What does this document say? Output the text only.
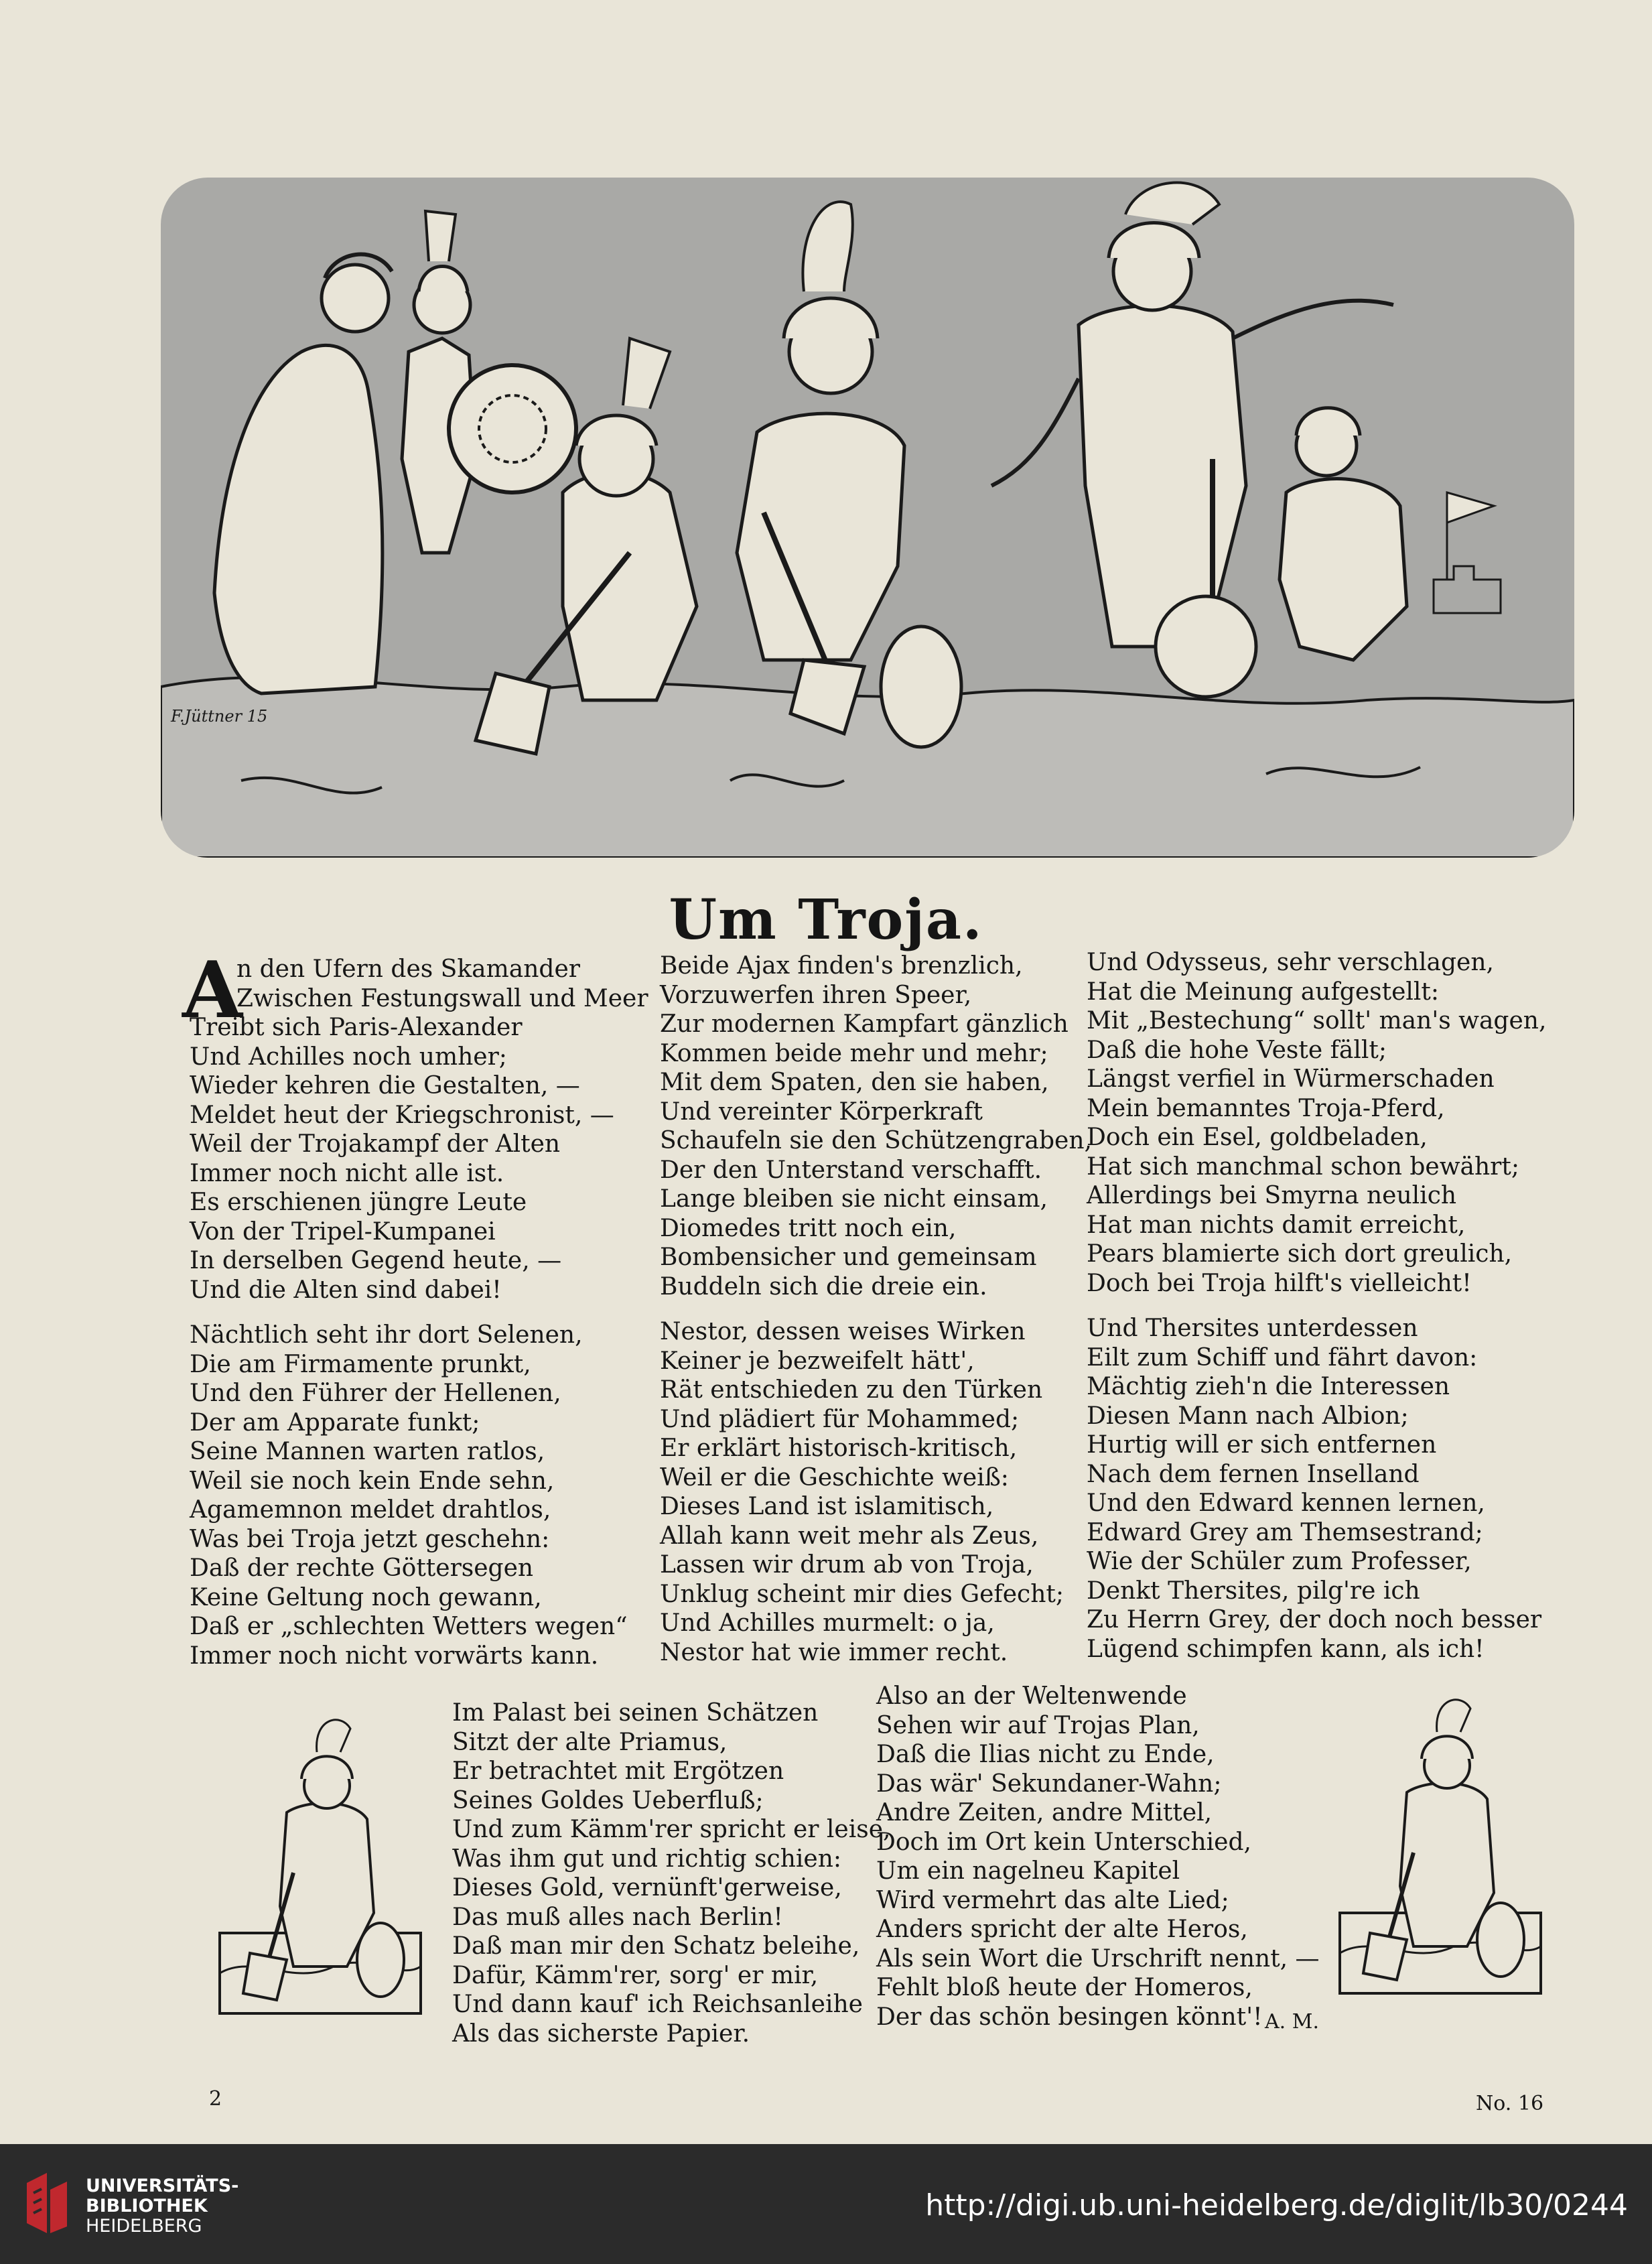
F.Jüttner 15
Um Troja.
A
n den Ufern des Skamander
Zwischen Festungswall und Meer
Treibt sich Paris-Alexander
Und Achilles noch umher;
Wieder kehren die Gestalten, —
Meldet heut der Kriegschronist, —
Weil der Trojakampf der Alten
Immer noch nicht alle ist.
Es erschienen jüngre Leute
Von der Tripel-Kumpanei
In derselben Gegend heute, —
Und die Alten sind dabei!
Nächtlich seht ihr dort Selenen,
Die am Firmamente prunkt,
Und den Führer der Hellenen,
Der am Apparate funkt;
Seine Mannen warten ratlos,
Weil sie noch kein Ende sehn,
Agamemnon meldet drahtlos,
Was bei Troja jetzt geschehn:
Daß der rechte Göttersegen
Keine Geltung noch gewann,
Daß er „schlechten Wetters wegen“
Immer noch nicht vorwärts kann.
Beide Ajax finden's brenzlich,
Vorzuwerfen ihren Speer,
Zur modernen Kampfart gänzlich
Kommen beide mehr und mehr;
Mit dem Spaten, den sie haben,
Und vereinter Körperkraft
Schaufeln sie den Schützengraben,
Der den Unterstand verschafft.
Lange bleiben sie nicht einsam,
Diomedes tritt noch ein,
Bombensicher und gemeinsam
Buddeln sich die dreie ein.
Nestor, dessen weises Wirken
Keiner je bezweifelt hätt',
Rät entschieden zu den Türken
Und plädiert für Mohammed;
Er erklärt historisch-kritisch,
Weil er die Geschichte weiß:
Dieses Land ist islamitisch,
Allah kann weit mehr als Zeus,
Lassen wir drum ab von Troja,
Unklug scheint mir dies Gefecht;
Und Achilles murmelt: o ja,
Nestor hat wie immer recht.
Und Odysseus, sehr verschlagen,
Hat die Meinung aufgestellt:
Mit „Bestechung“ sollt' man's wagen,
Daß die hohe Veste fällt;
Längst verfiel in Würmerschaden
Mein bemanntes Troja-Pferd,
Doch ein Esel, goldbeladen,
Hat sich manchmal schon bewährt;
Allerdings bei Smyrna neulich
Hat man nichts damit erreicht,
Pears blamierte sich dort greulich,
Doch bei Troja hilft's vielleicht!
Und Thersites unterdessen
Eilt zum Schiff und fährt davon:
Mächtig zieh'n die Interessen
Diesen Mann nach Albion;
Hurtig will er sich entfernen
Nach dem fernen Inselland
Und den Edward kennen lernen,
Edward Grey am Themsestrand;
Wie der Schüler zum Professer,
Denkt Thersites, pilg're ich
Zu Herrn Grey, der doch noch besser
Lügend schimpfen kann, als ich!
Im Palast bei seinen Schätzen
Sitzt der alte Priamus,
Er betrachtet mit Ergötzen
Seines Goldes Ueberfluß;
Und zum Kämm'rer spricht er leise,
Was ihm gut und richtig schien:
Dieses Gold, vernünft'gerweise,
Das muß alles nach Berlin!
Daß man mir den Schatz beleihe,
Dafür, Kämm'rer, sorg' er mir,
Und dann kauf' ich Reichsanleihe
Als das sicherste Papier.
Also an der Weltenwende
Sehen wir auf Trojas Plan,
Daß die Ilias nicht zu Ende,
Das wär' Sekundaner-Wahn;
Andre Zeiten, andre Mittel,
Doch im Ort kein Unterschied,
Um ein nagelneu Kapitel
Wird vermehrt das alte Lied;
Anders spricht der alte Heros,
Als sein Wort die Urschrift nennt, —
Fehlt bloß heute der Homeros,
Der das schön besingen könnt'! A. M.
2	No. 16
UNIVERSITÄTS-
BIBLIOTHEK
HEIDELBERG
http://digi.ub.uni-heidelberg.de/diglit/lb30/0244
